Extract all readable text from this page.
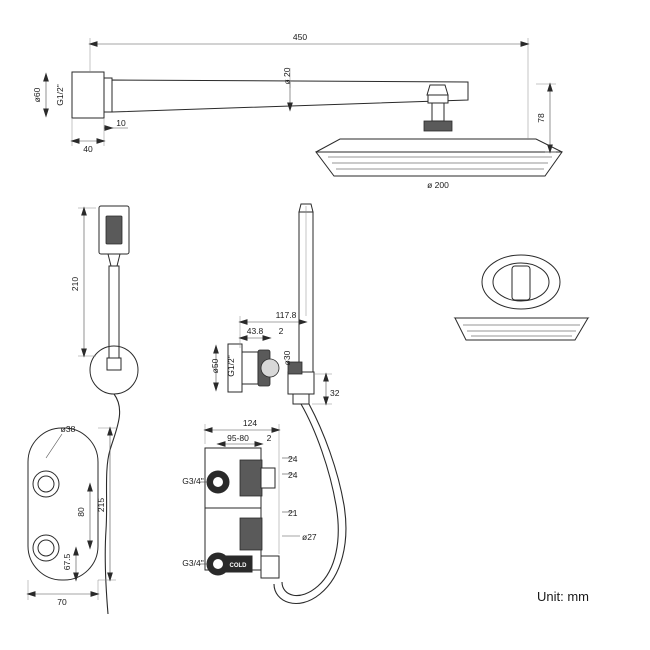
450
ø 20
ø60 G1/2"
40
10	78
ø 200
210
117.8
43.8 2
ø50 G1/2"	ø30
32
COLD
124
95-80 2
24
24
21
ø27
G3/4"
G3/4"
ø38
215
80
67.5
70	Unit: mm
